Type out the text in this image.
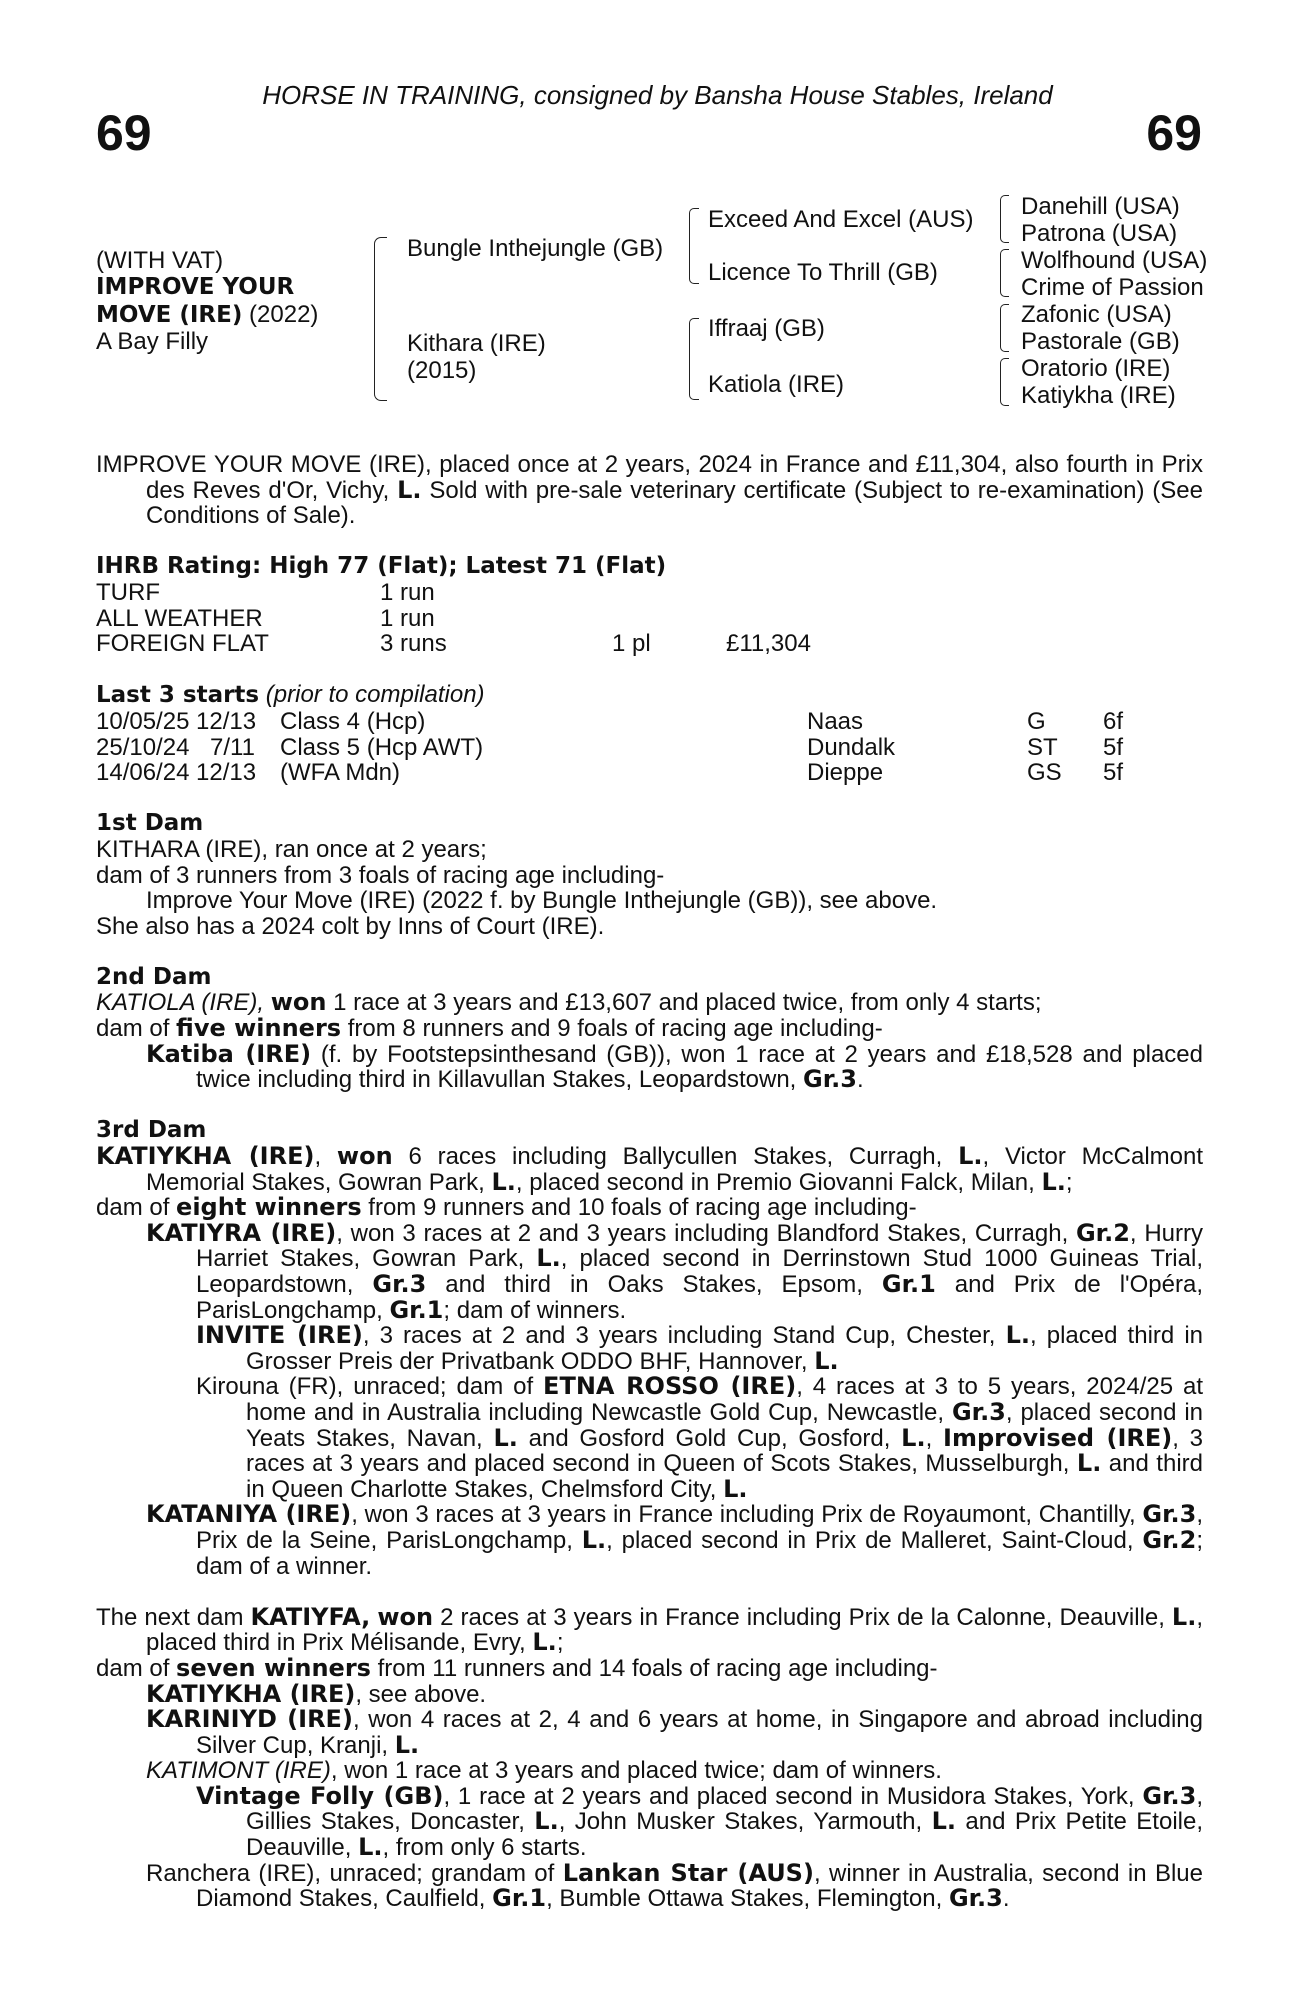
HORSE IN TRAINING, consigned by Bansha House Stables, Ireland
69	69
(WITH VAT)
IMPROVE YOUR
MOVE (IRE) (2022)
A Bay Filly
Bungle Inthejungle (GB)
Kithara (IRE)
(2015)
Exceed And Excel (AUS)
Licence To Thrill (GB)
Iffraaj (GB)
Katiola (IRE)
Danehill (USA)
Patrona (USA)
Wolfhound (USA)
Crime of Passion
Zafonic (USA)
Pastorale (GB)
Oratorio (IRE)
Katiykha (IRE)

IMPROVE YOUR MOVE (IRE), placed once at 2 years, 2024 in France and £11,304, also fourth in Prix des Reves d'Or, Vichy, L. Sold with pre-sale veterinary certificate (Subject to re-examination) (See Conditions of Sale).

IHRB Rating: High 77 (Flat); Latest 71 (Flat)

TURF	1 run		
ALL WEATHER	1 run		
FOREIGN FLAT	3 runs	1 pl	£11,304

Last 3 starts (prior to compilation)

10/05/25	12/13	Class 4 (Hcp)	Naas	G	6f
25/10/24	7/11	Class 5 (Hcp AWT)	Dundalk	ST	5f
14/06/24	12/13	(WFA Mdn)	Dieppe	GS	5f

1st Dam

KITHARA (IRE), ran once at 2 years;

dam of 3 runners from 3 foals of racing age including-

Improve Your Move (IRE) (2022 f. by Bungle Inthejungle (GB)), see above.

She also has a 2024 colt by Inns of Court (IRE).

2nd Dam

KATIOLA (IRE), won 1 race at 3 years and £13,607 and placed twice, from only 4 starts;

dam of five winners from 8 runners and 9 foals of racing age including-

Katiba (IRE) (f. by Footstepsinthesand (GB)), won 1 race at 2 years and £18,528 and placed twice including third in Killavullan Stakes, Leopardstown, Gr.3.

3rd Dam

KATIYKHA (IRE), won 6 races including Ballycullen Stakes, Curragh, L., Victor McCalmont Memorial Stakes, Gowran Park, L., placed second in Premio Giovanni Falck, Milan, L.;

dam of eight winners from 9 runners and 10 foals of racing age including-

KATIYRA (IRE), won 3 races at 2 and 3 years including Blandford Stakes, Curragh, Gr.2, Hurry Harriet Stakes, Gowran Park, L., placed second in Derrinstown Stud 1000 Guineas Trial, Leopardstown, Gr.3 and third in Oaks Stakes, Epsom, Gr.1 and Prix de l'Opéra, ParisLongchamp, Gr.1; dam of winners.

INVITE (IRE), 3 races at 2 and 3 years including Stand Cup, Chester, L., placed third in Grosser Preis der Privatbank ODDO BHF, Hannover, L.

Kirouna (FR), unraced; dam of ETNA ROSSO (IRE), 4 races at 3 to 5 years, 2024/25 at home and in Australia including Newcastle Gold Cup, Newcastle, Gr.3, placed second in Yeats Stakes, Navan, L. and Gosford Gold Cup, Gosford, L., Improvised (IRE), 3 races at 3 years and placed second in Queen of Scots Stakes, Musselburgh, L. and third in Queen Charlotte Stakes, Chelmsford City, L.

KATANIYA (IRE), won 3 races at 3 years in France including Prix de Royaumont, Chantilly, Gr.3, Prix de la Seine, ParisLongchamp, L., placed second in Prix de Malleret, Saint-Cloud, Gr.2; dam of a winner.

The next dam KATIYFA, won 2 races at 3 years in France including Prix de la Calonne, Deauville, L., placed third in Prix Mélisande, Evry, L.;

dam of seven winners from 11 runners and 14 foals of racing age including-

KATIYKHA (IRE), see above.

KARINIYD (IRE), won 4 races at 2, 4 and 6 years at home, in Singapore and abroad including Silver Cup, Kranji, L.

KATIMONT (IRE), won 1 race at 3 years and placed twice; dam of winners.

Vintage Folly (GB), 1 race at 2 years and placed second in Musidora Stakes, York, Gr.3, Gillies Stakes, Doncaster, L., John Musker Stakes, Yarmouth, L. and Prix Petite Etoile, Deauville, L., from only 6 starts.

Ranchera (IRE), unraced; grandam of Lankan Star (AUS), winner in Australia, second in Blue Diamond Stakes, Caulfield, Gr.1, Bumble Ottawa Stakes, Flemington, Gr.3.
